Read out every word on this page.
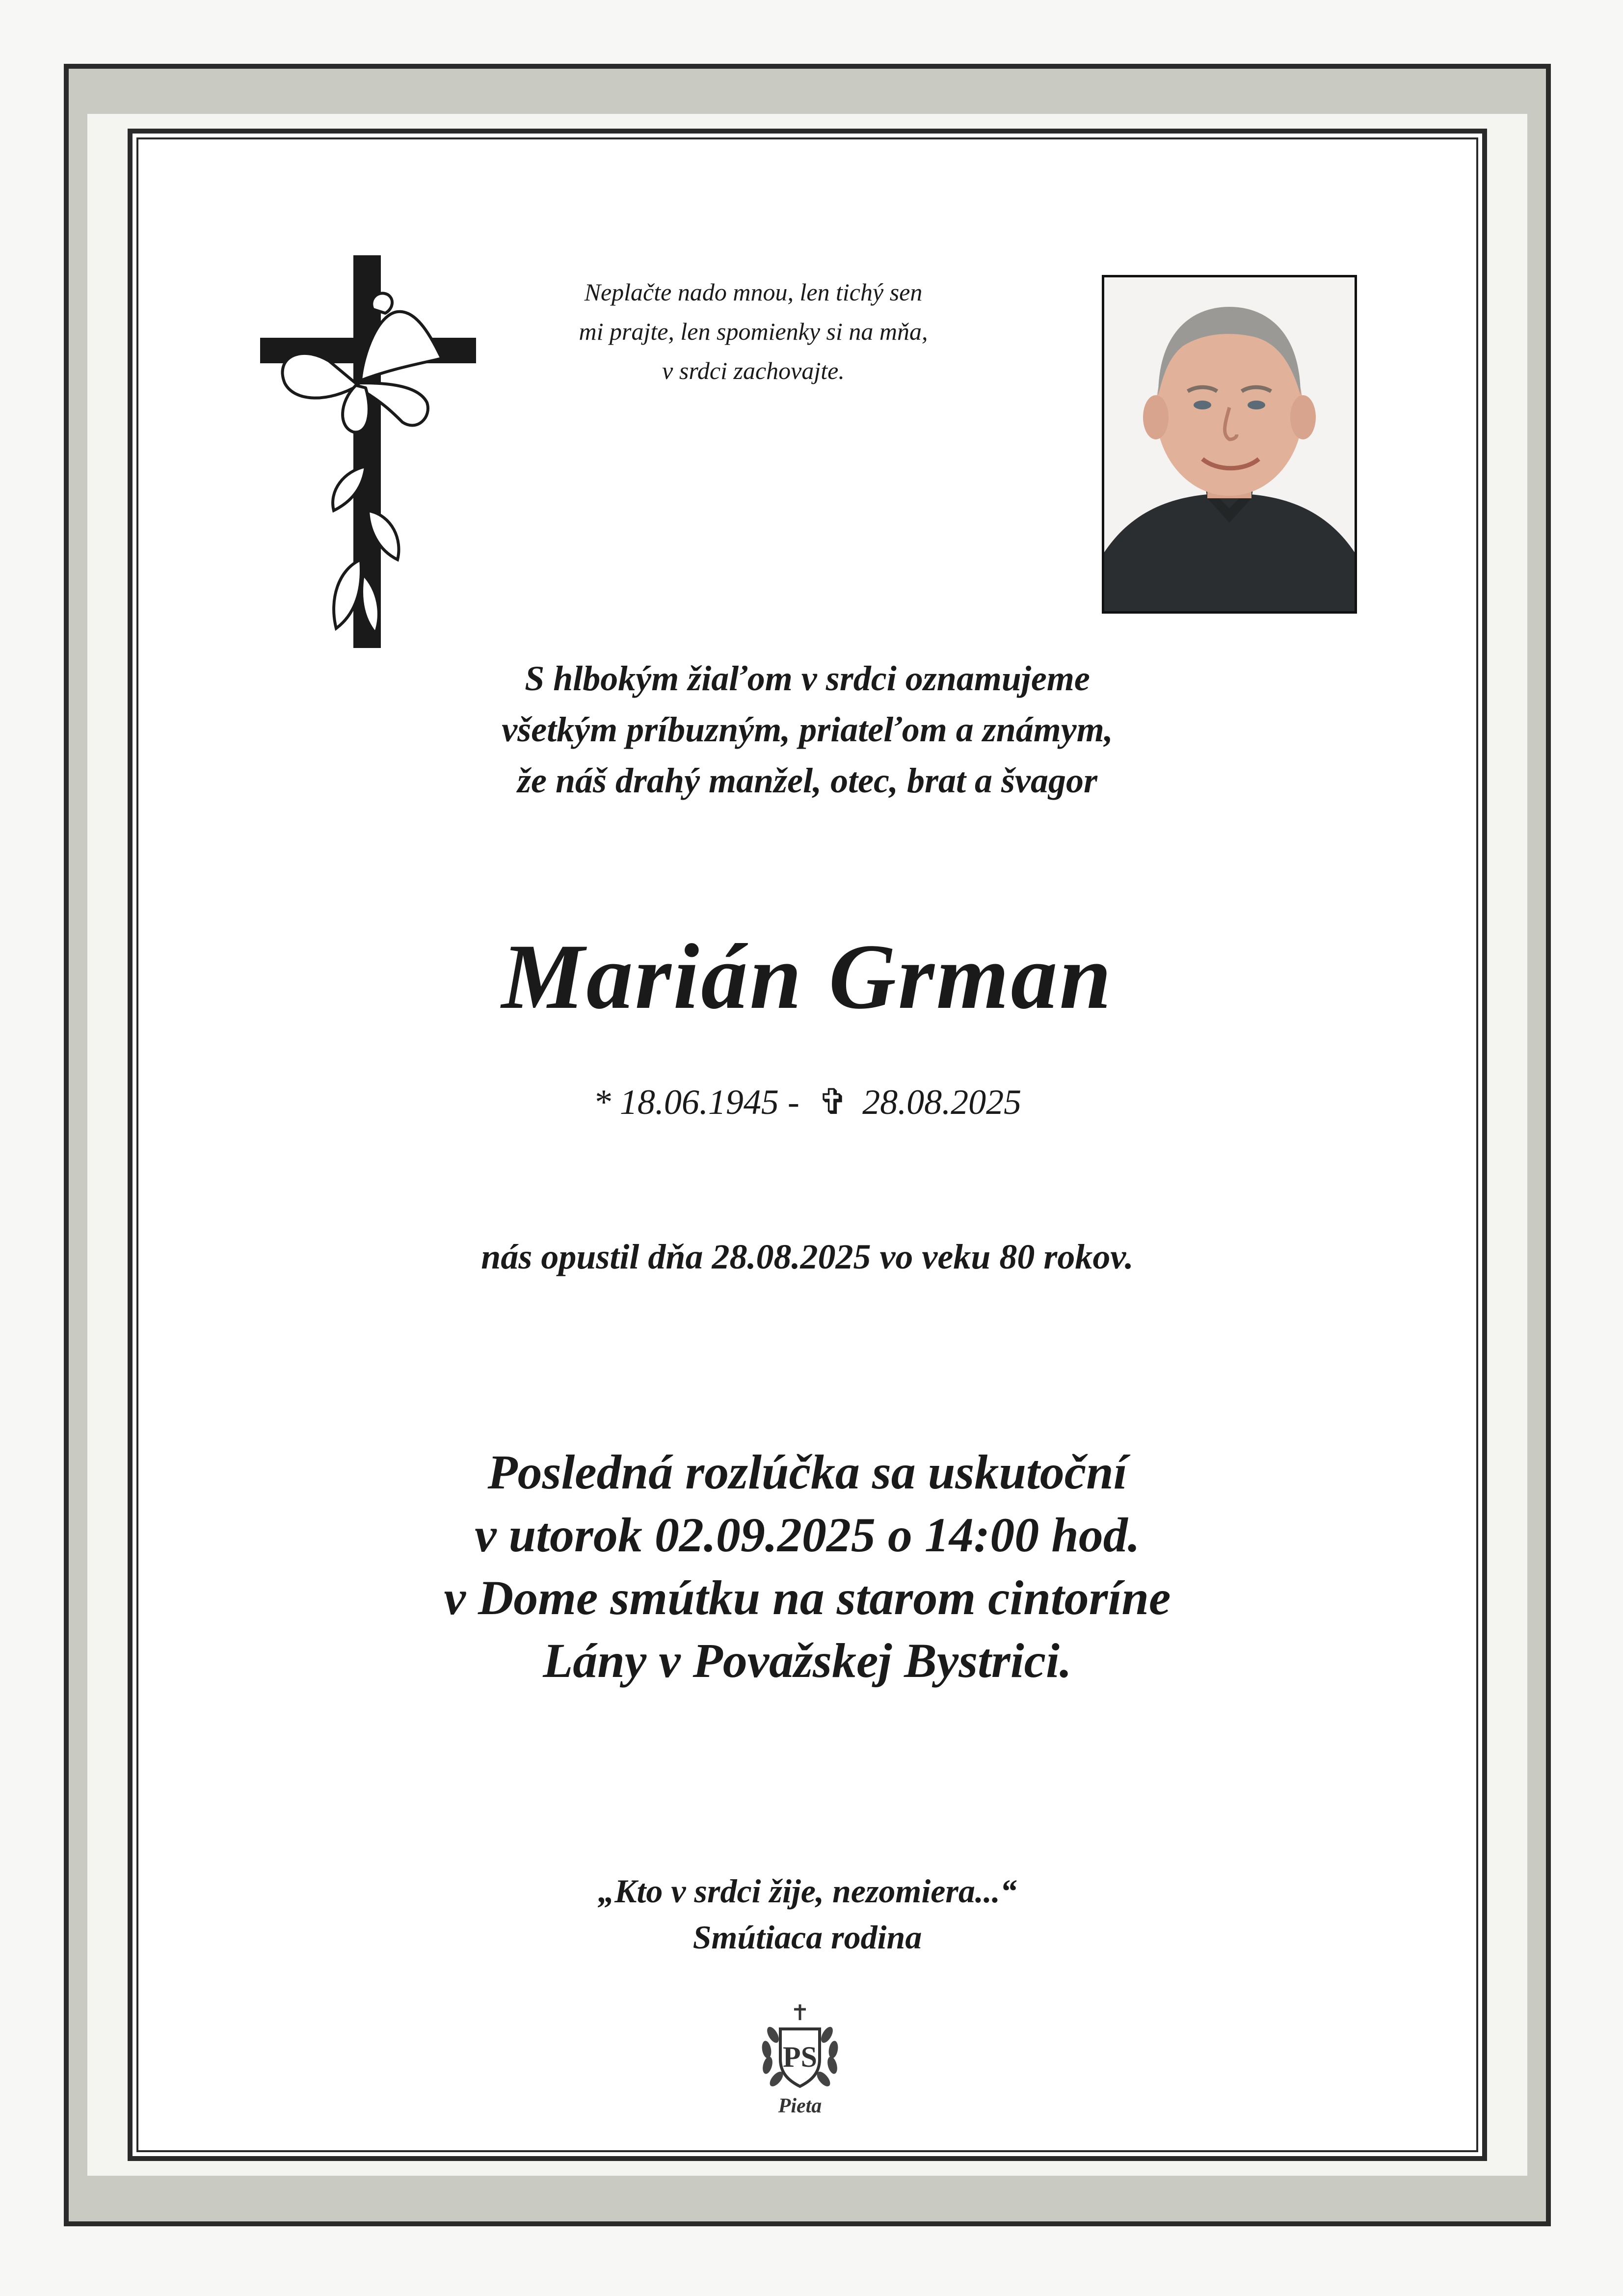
Neplačte nado mnou, len tichý sen
mi prajte, len spomienky si na mňa,
v srdci zachovajte.
S hlbokým žiaľom v srdci oznamujeme
všetkým príbuzným, priateľom a známym,
že náš drahý manžel, otec, brat a švagor
Marián Grman
* 18.06.1945 - ✞ 28.08.2025
nás opustil dňa 28.08.2025 vo veku 80 rokov.
Posledná rozlúčka sa uskutoční
v utorok 02.09.2025 o 14:00 hod.
v Dome smútku na starom cintoríne
Lány v Považskej Bystrici.
„Kto v srdci žije, nezomiera...“
Smútiaca rodina
PS
Pieta
